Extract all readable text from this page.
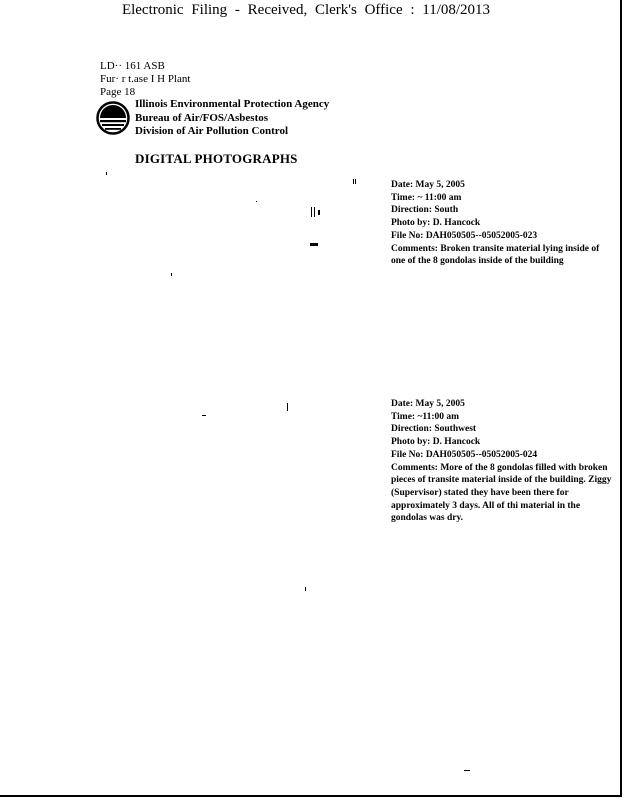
Electronic Filing - Received, Clerk's Office : 11/08/2013
LD·· 161 ASB
Fur· r t.ase I H Plant
Page 18
Illinois Environmental Protection Agency
Bureau of Air/FOS/Asbestos
Division of Air Pollution Control
DIGITAL PHOTOGRAPHS
Date: May 5, 2005
Time: ~ 11:00 am
Direction: South
Photo by: D. Hancock
File No: DAH050505--05052005-023
Comments: Broken transite material lying inside of one of the 8 gondolas inside of the building
Date: May 5, 2005
Time: ~11:00 am
Direction: Southwest
Photo by: D. Hancock
File No: DAH050505--05052005-024
Comments: More of the 8 gondolas filled with broken pieces of transite material inside of the building. Ziggy (Supervisor) stated they have been there for approximately 3 days. All of thi material in the gondolas was dry.
